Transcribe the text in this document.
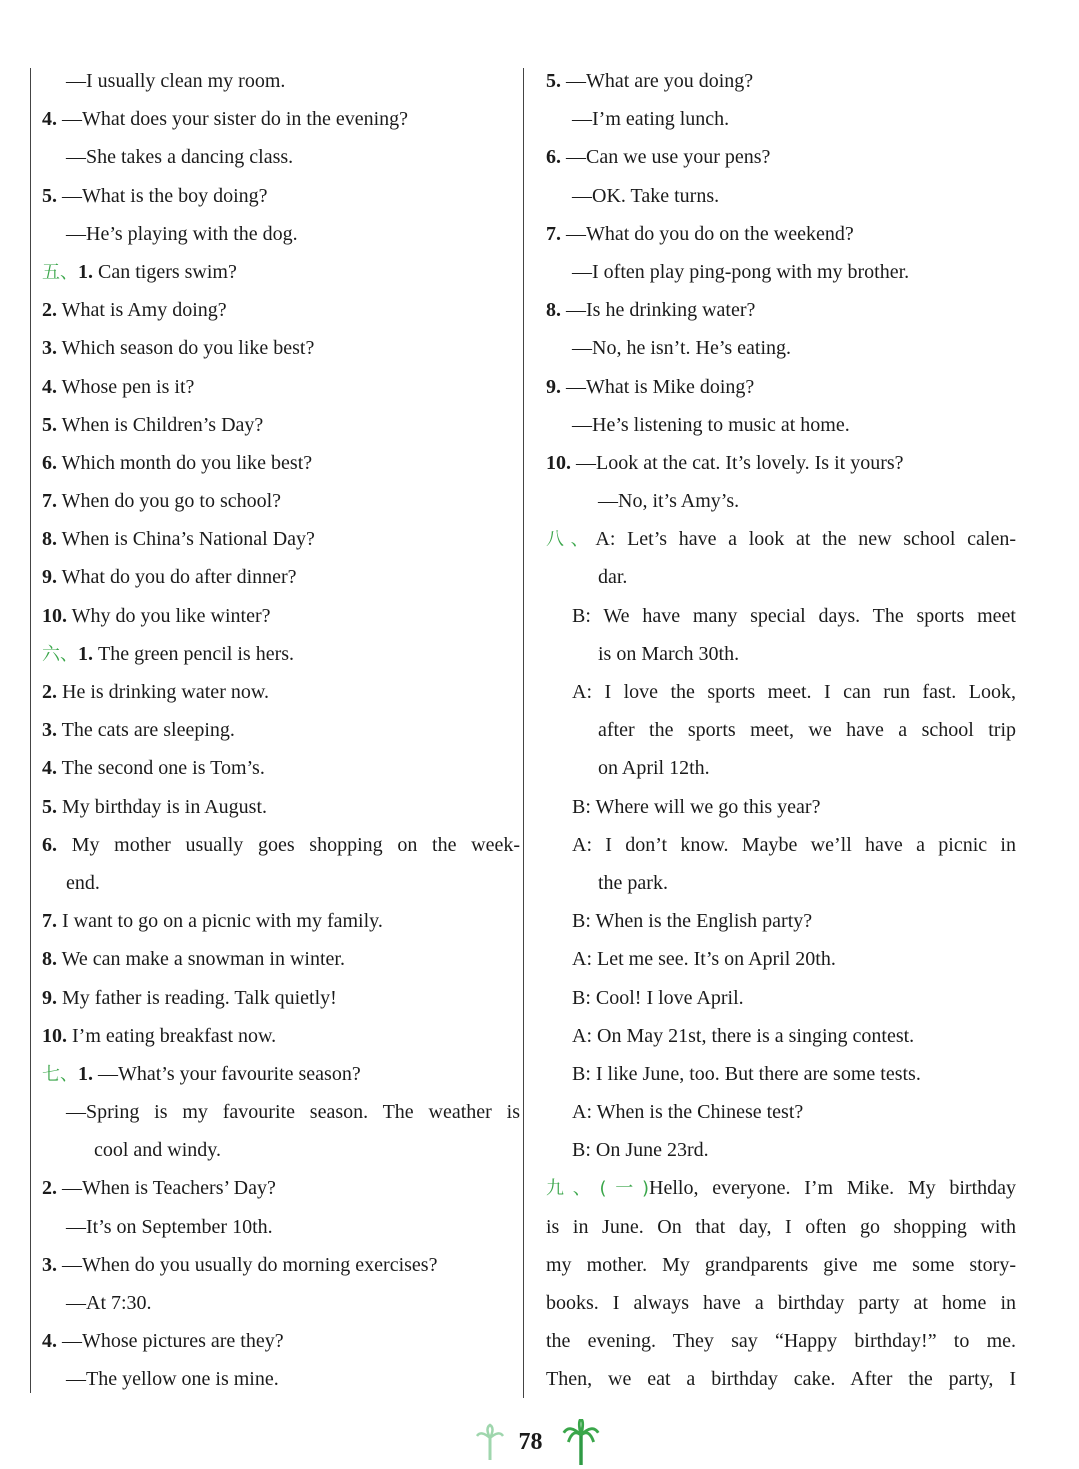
—I usually clean my room.
4. —What does your sister do in the evening?
—She takes a dancing class.
5. —What is the boy doing?
—He’s playing with the dog.
五、1. Can tigers swim?
2. What is Amy doing?
3. Which season do you like best?
4. Whose pen is it?
5. When is Children’s Day?
6. Which month do you like best?
7. When do you go to school?
8. When is China’s National Day?
9. What do you do after dinner?
10. Why do you like winter?
六、1. The green pencil is hers.
2. He is drinking water now.
3. The cats are sleeping.
4. The second one is Tom’s.
5. My birthday is in August.
6. My mother usually goes shopping on the week-
end.
7. I want to go on a picnic with my family.
8. We can make a snowman in winter.
9. My father is reading. Talk quietly!
10. I’m eating breakfast now.
七、1. —What’s your favourite season?
—Spring is my favourite season. The weather is
cool and windy.
2. —When is Teachers’ Day?
—It’s on September 10th.
3. —When do you usually do morning exercises?
—At 7:30.
4. —Whose pictures are they?
—The yellow one is mine.
5. —What are you doing?
—I’m eating lunch.
6. —Can we use your pens?
—OK. Take turns.
7. —What do you do on the weekend?
—I often play ping-pong with my brother.
8. —Is he drinking water?
—No, he isn’t. He’s eating.
9. —What is Mike doing?
—He’s listening to music at home.
10. —Look at the cat. It’s lovely. Is it yours?
—No, it’s Amy’s.
八、A: Let’s have a look at the new school calen-
dar.
B: We have many special days. The sports meet
is on March 30th.
A: I love the sports meet. I can run fast. Look,
after the sports meet, we have a school trip
on April 12th.
B: Where will we go this year?
A: I don’t know. Maybe we’ll have a picnic in
the park.
B: When is the English party?
A: Let me see. It’s on April 20th.
B: Cool! I love April.
A: On May 21st, there is a singing contest.
B: I like June, too. But there are some tests.
A: When is the Chinese test?
B: On June 23rd.
九、(一)Hello, everyone. I’m Mike. My birthday
is in June. On that day, I often go shopping with
my mother. My grandparents give me some story-
books. I always have a birthday party at home in
the evening. They say “Happy birthday!” to me.
Then, we eat a birthday cake. After the party, I
78
